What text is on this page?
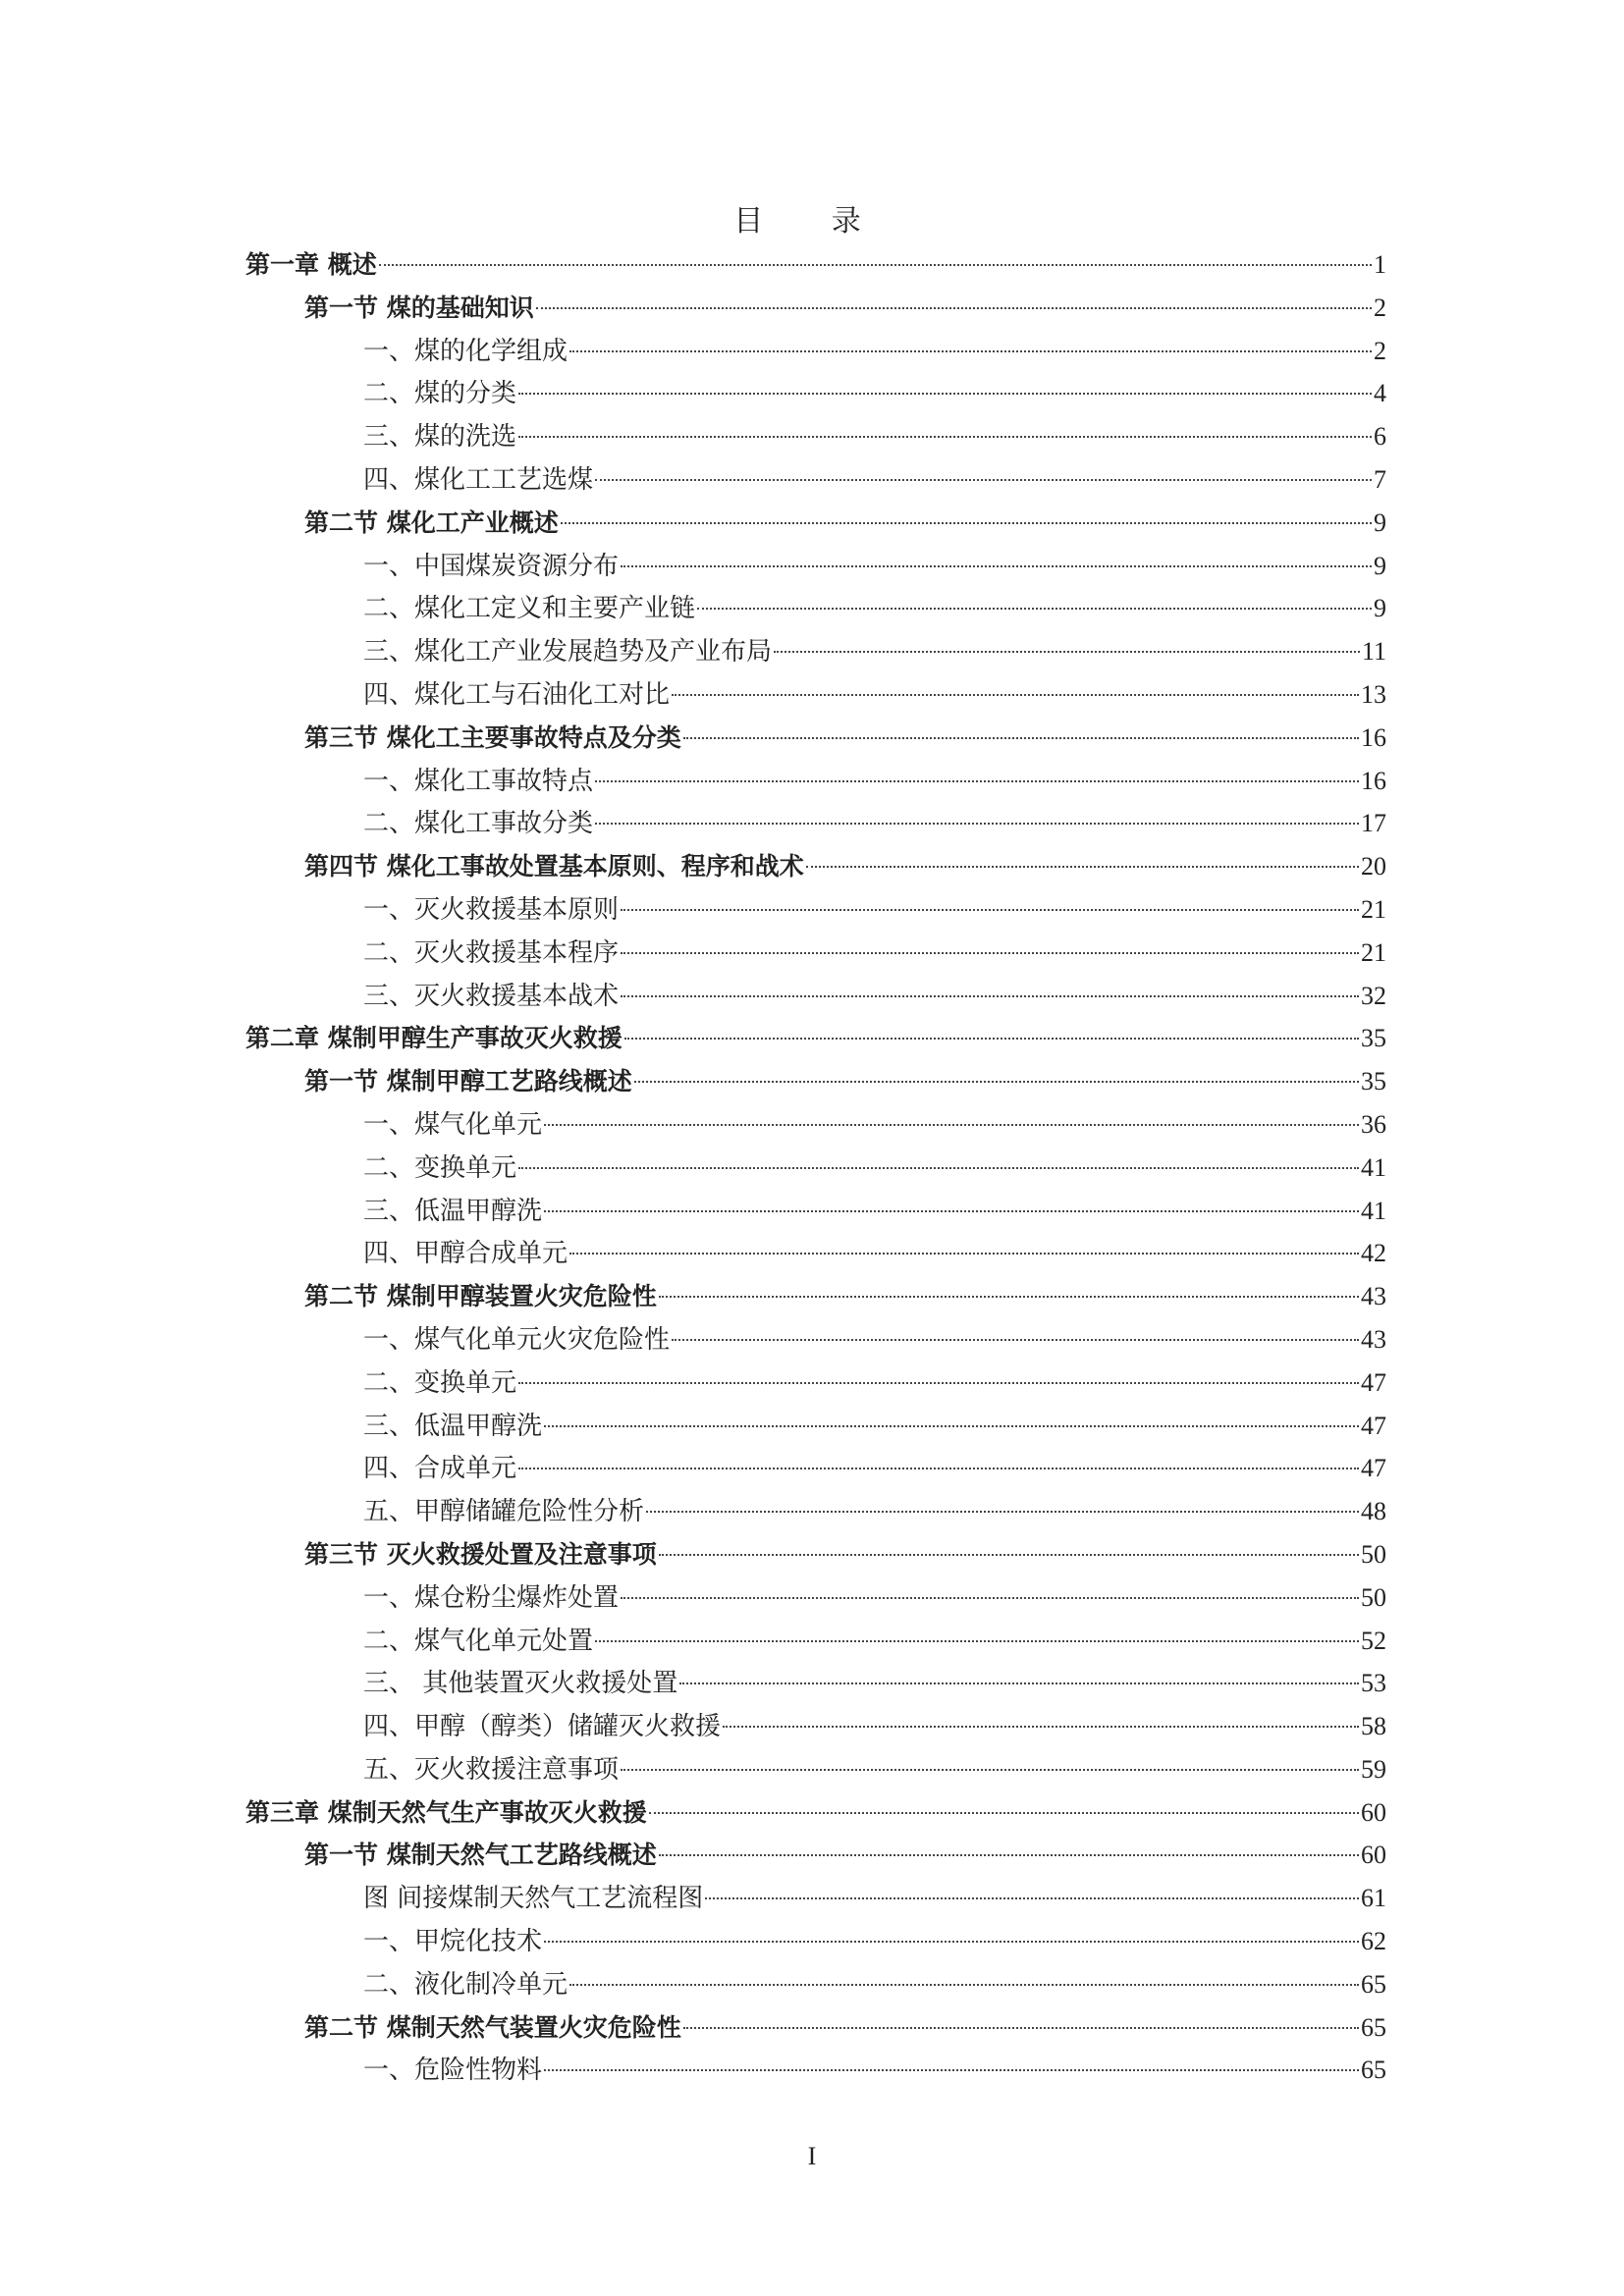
目 录
第一章 概述	1
第一节 煤的基础知识	2
一、煤的化学组成	2
二、煤的分类	4
三、煤的洗选	6
四、煤化工工艺选煤	7
第二节 煤化工产业概述	9
一、中国煤炭资源分布	9
二、煤化工定义和主要产业链	9
三、煤化工产业发展趋势及产业布局	11
四、煤化工与石油化工对比	13
第三节 煤化工主要事故特点及分类	16
一、煤化工事故特点	16
二、煤化工事故分类	17
第四节 煤化工事故处置基本原则、程序和战术	20
一、灭火救援基本原则	21
二、灭火救援基本程序	21
三、灭火救援基本战术	32
第二章 煤制甲醇生产事故灭火救援	35
第一节 煤制甲醇工艺路线概述	35
一、煤气化单元	36
二、变换单元	41
三、低温甲醇洗	41
四、甲醇合成单元	42
第二节 煤制甲醇装置火灾危险性	43
一、煤气化单元火灾危险性	43
二、变换单元	47
三、低温甲醇洗	47
四、合成单元	47
五、甲醇储罐危险性分析	48
第三节 灭火救援处置及注意事项	50
一、煤仓粉尘爆炸处置	50
二、煤气化单元处置	52
三、 其他装置灭火救援处置	53
四、甲醇（醇类）储罐灭火救援	58
五、灭火救援注意事项	59
第三章 煤制天然气生产事故灭火救援	60
第一节 煤制天然气工艺路线概述	60
图 间接煤制天然气工艺流程图	61
一、甲烷化技术	62
二、液化制冷单元	65
第二节 煤制天然气装置火灾危险性	65
一、危险性物料	65
I
